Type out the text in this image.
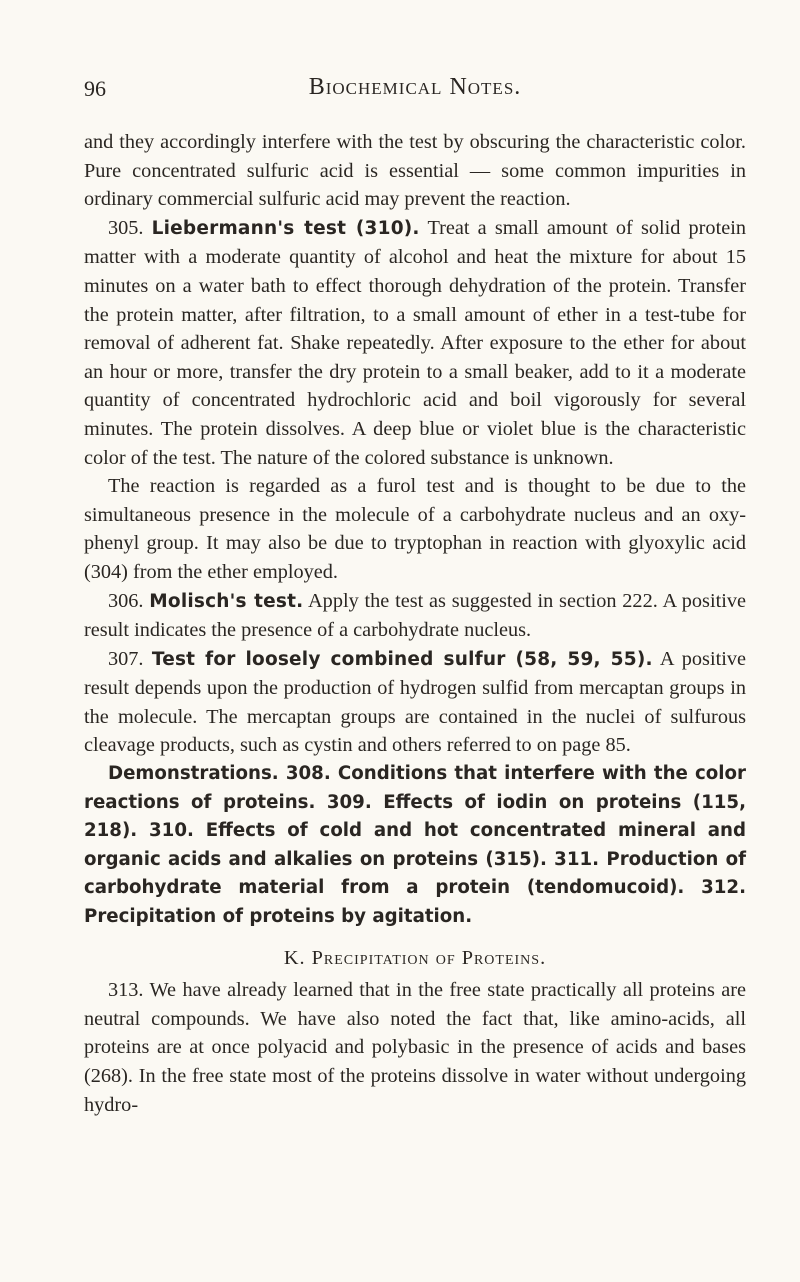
96	Biochemical Notes.

and they accordingly interfere with the test by obscuring the characteristic color. Pure concentrated sulfuric acid is essential — some common impurities in ordinary commercial sulfuric acid may prevent the reaction.

305. Liebermann's test (310). Treat a small amount of solid protein matter with a moderate quantity of alcohol and heat the mixture for about 15 minutes on a water bath to effect thorough dehydration of the protein. Transfer the protein matter, after filtration, to a small amount of ether in a test-tube for removal of adherent fat. Shake repeatedly. After exposure to the ether for about an hour or more, transfer the dry protein to a small beaker, add to it a moderate quantity of concentrated hydrochloric acid and boil vigorously for several minutes. The protein dissolves. A deep blue or violet blue is the characteristic color of the test. The nature of the colored substance is unknown.

The reaction is regarded as a furol test and is thought to be due to the simultaneous presence in the molecule of a carbohydrate nucleus and an oxy-phenyl group. It may also be due to tryptophan in reaction with glyoxylic acid (304) from the ether employed.

306. Molisch's test. Apply the test as suggested in section 222. A positive result indicates the presence of a carbohydrate nucleus.

307. Test for loosely combined sulfur (58, 59, 55). A positive result depends upon the production of hydrogen sulfid from mercaptan groups in the molecule. The mercaptan groups are contained in the nuclei of sulfurous cleavage products, such as cystin and others referred to on page 85.

Demonstrations. 308. Conditions that interfere with the color reactions of proteins. 309. Effects of iodin on proteins (115, 218). 310. Effects of cold and hot concentrated mineral and organic acids and alkalies on proteins (315). 311. Production of carbohydrate material from a protein (tendomucoid). 312. Precipitation of proteins by agitation.

K. Precipitation of Proteins.

313. We have already learned that in the free state practically all proteins are neutral compounds. We have also noted the fact that, like amino-acids, all proteins are at once polyacid and polybasic in the presence of acids and bases (268). In the free state most of the proteins dissolve in water without undergoing hydro-
